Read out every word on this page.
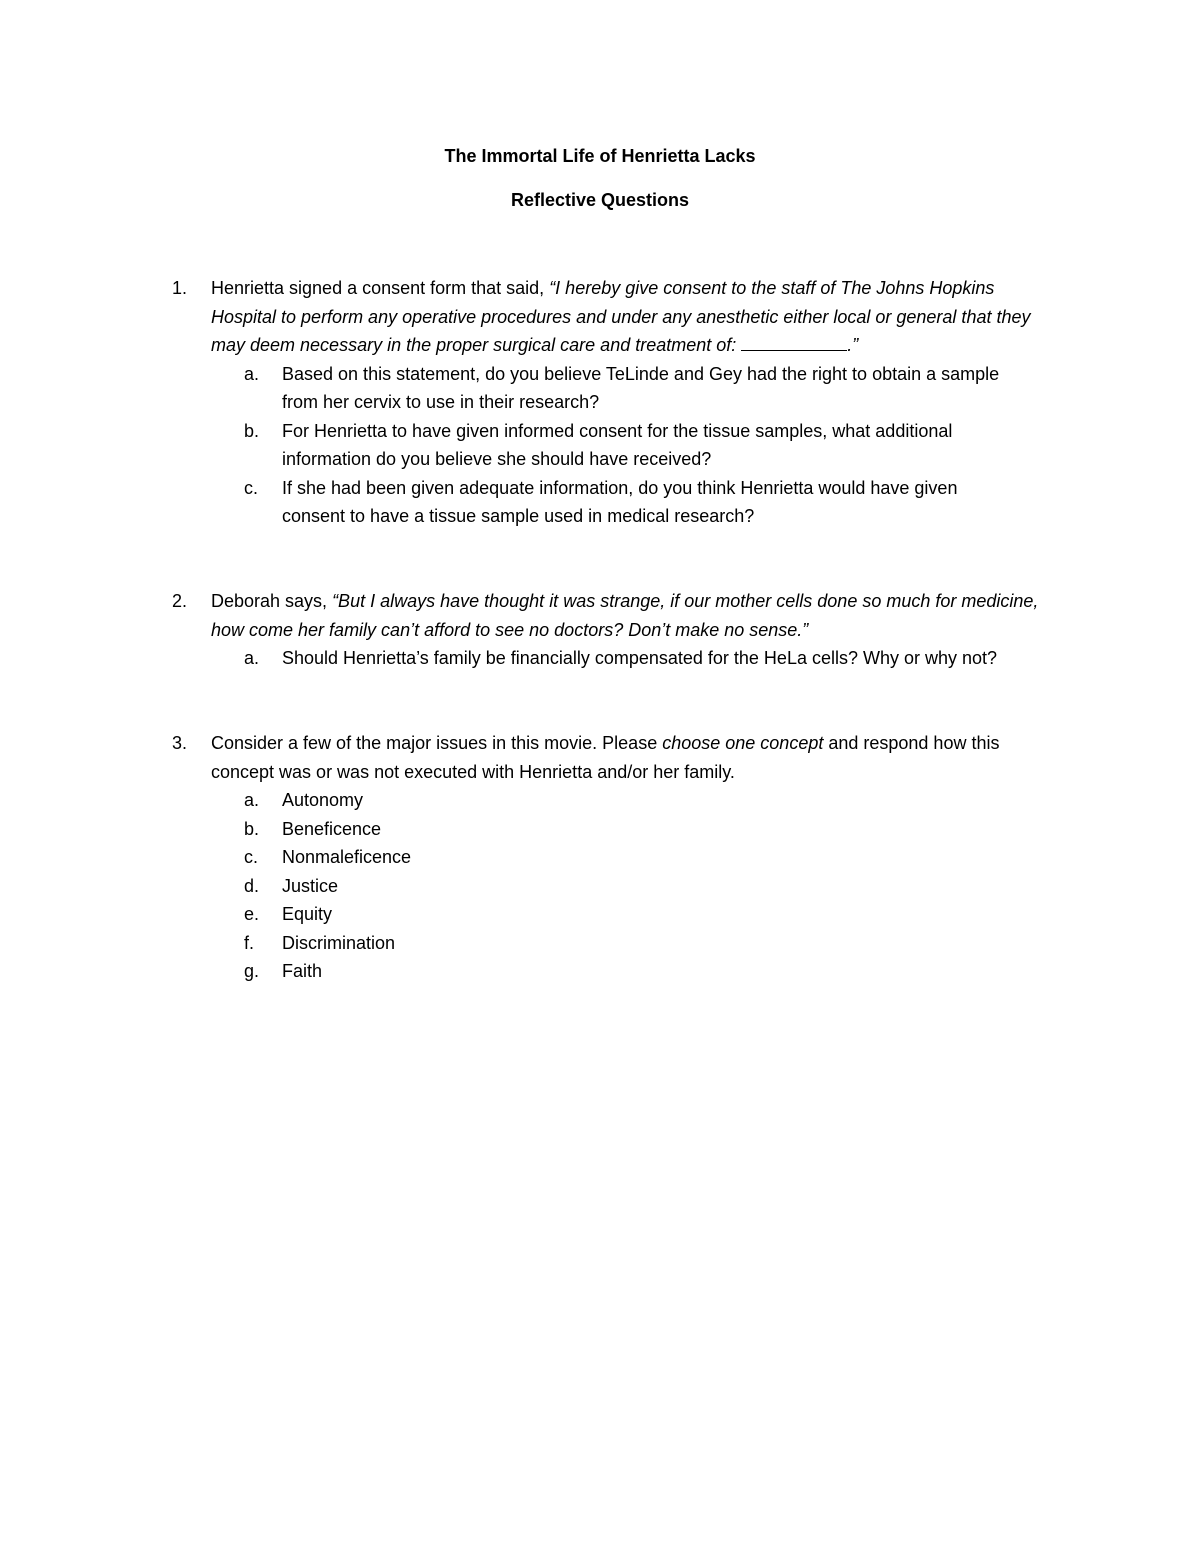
The Immortal Life of Henrietta Lacks
Reflective Questions
1.	Henrietta signed a consent form that said, “I hereby give consent to the staff of The Johns Hopkins Hospital to perform any operative procedures and under any anesthetic either local or general that they may deem necessary in the proper surgical care and treatment of:	.”
a.	Based on this statement, do you believe TeLinde and Gey had the right to obtain a sample from her cervix to use in their research?
b.	For Henrietta to have given informed consent for the tissue samples, what additional information do you believe she should have received?
c.	If she had been given adequate information, do you think Henrietta would have given consent to have a tissue sample used in medical research?
2.	Deborah says, “But I always have thought it was strange, if our mother cells done so much for medicine, how come her family can’t afford to see no doctors? Don’t make no sense.”
a.	Should Henrietta’s family be financially compensated for the HeLa cells? Why or why not?
3.	Consider a few of the major issues in this movie. Please choose one concept and respond how this concept was or was not executed with Henrietta and/or her family.
a.	Autonomy
b.	Beneficence
c.	Nonmaleficence
d.	Justice
e.	Equity
f.	Discrimination
g.	Faith
